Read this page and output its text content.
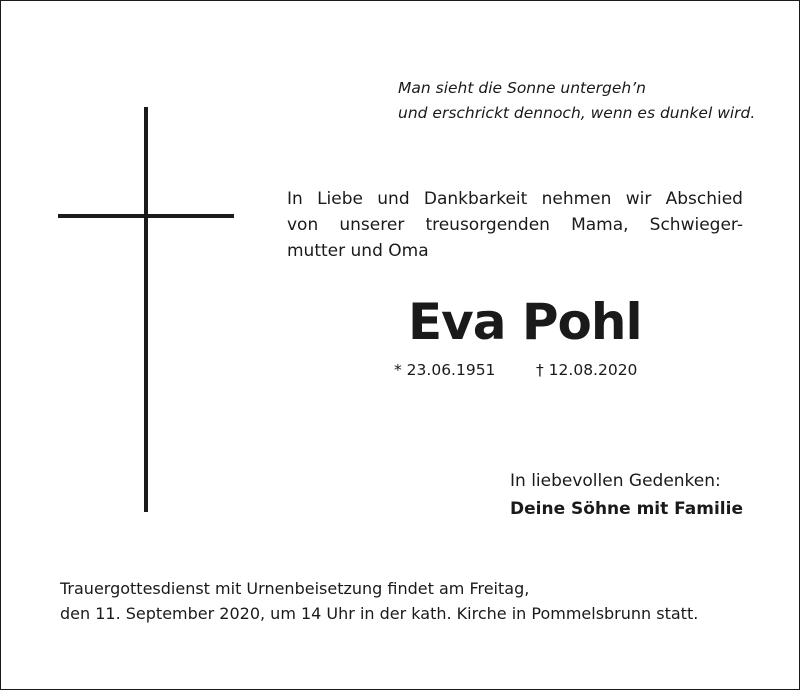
Man sieht die Sonne untergeh’n
und erschrickt dennoch, wenn es dunkel wird.
In Liebe und Dankbarkeit nehmen wir Abschied
von unserer treusorgenden Mama, Schwieger-
mutter und Oma
Eva Pohl
* 23.06.1951	† 12.08.2020
In liebevollen Gedenken:
Deine Söhne mit Familie
Trauergottesdienst mit Urnenbeisetzung findet am Freitag,
den 11. September 2020, um 14 Uhr in der kath. Kirche in Pommelsbrunn statt.
